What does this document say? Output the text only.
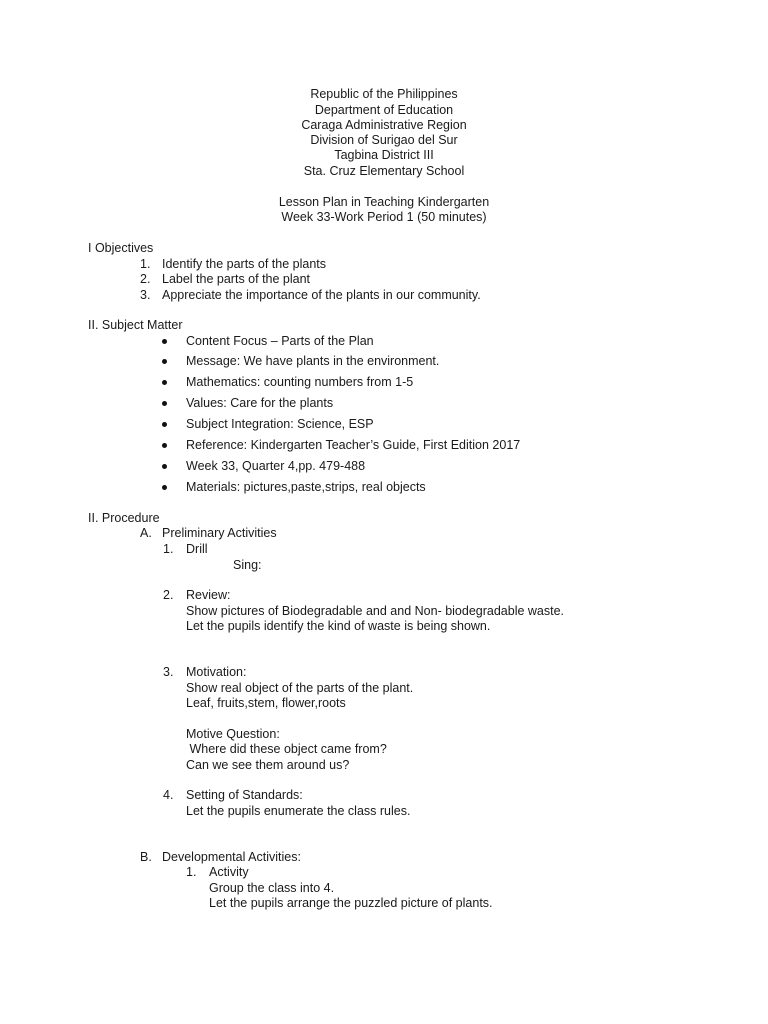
Republic of the Philippines
Department of Education
Caraga Administrative Region
Division of Surigao del Sur
Tagbina District III
Sta. Cruz Elementary School
Lesson Plan in Teaching Kindergarten
Week 33-Work Period 1 (50 minutes)
I Objectives
1. Identify the parts of the plants
2. Label the parts of the plant
3. Appreciate the importance of the plants in our community.
II. Subject Matter
Content Focus – Parts of the Plan
Message: We have plants in the environment.
Mathematics: counting numbers from 1-5
Values: Care for the plants
Subject Integration: Science, ESP
Reference: Kindergarten Teacher’s Guide, First Edition 2017
Week 33, Quarter 4,pp. 479-488
Materials: pictures,paste,strips, real objects
II. Procedure
A. Preliminary Activities
1. Drill
Sing:
2. Review:
Show pictures of Biodegradable and and Non- biodegradable waste.
Let the pupils identify the kind of waste is being shown.
3. Motivation:
Show real object of the parts of the plant.
Leaf, fruits,stem, flower,roots
Motive Question:
Where did these object came from?
Can we see them around us?
4. Setting of Standards:
Let the pupils enumerate the class rules.
B. Developmental Activities:
1. Activity
Group the class into 4.
Let the pupils arrange the puzzled picture of plants.
